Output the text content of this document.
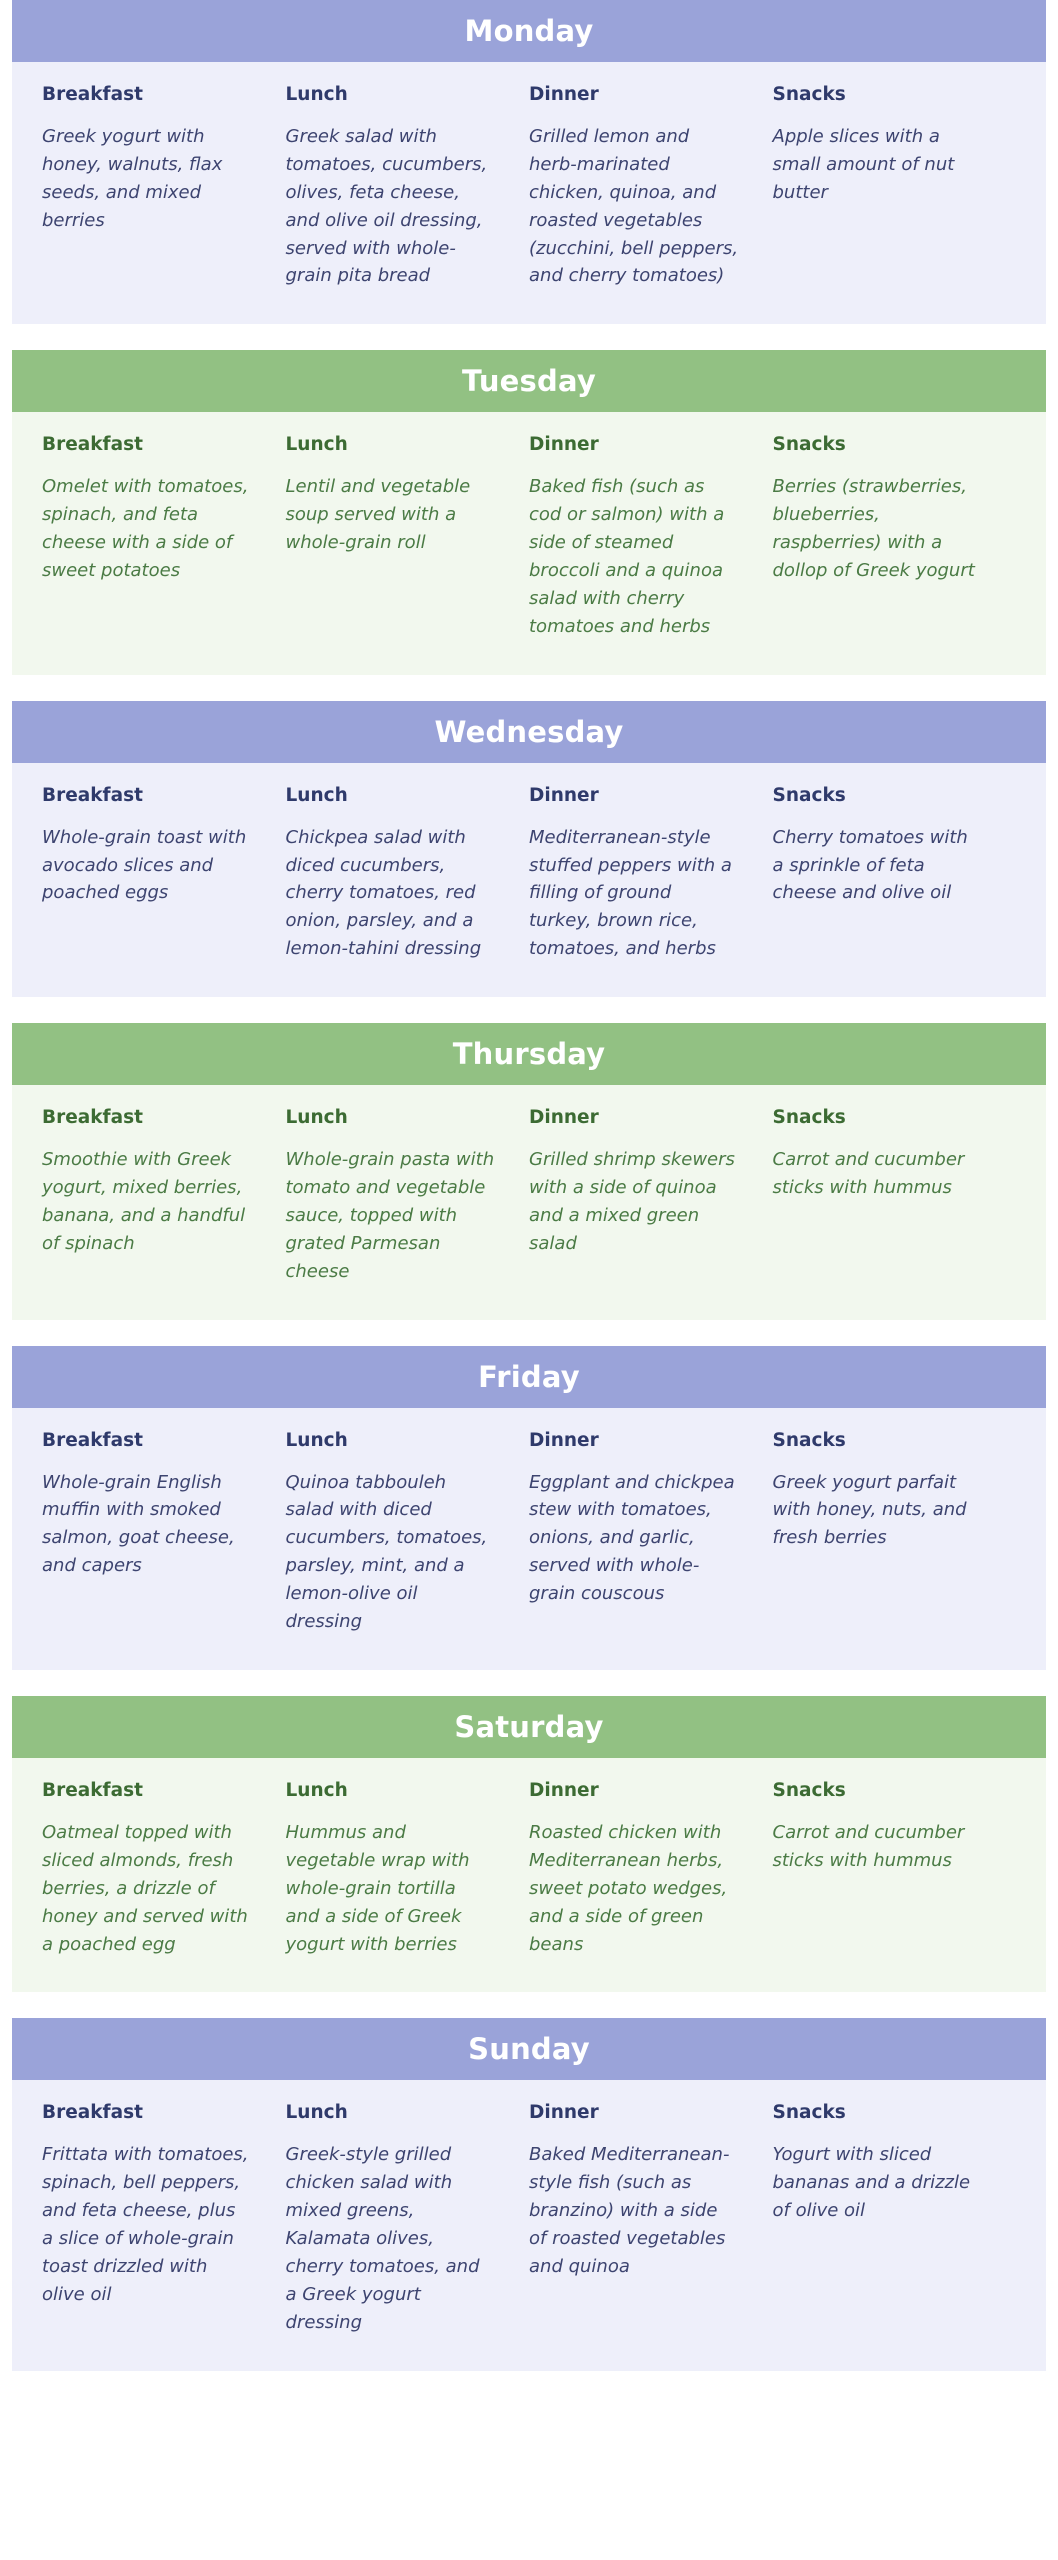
Monday
Breakfast
Greek yogurt with honey, walnuts, flax seeds, and mixed berries
Lunch
Greek salad with tomatoes, cucumbers, olives, feta cheese, and olive oil dressing, served with whole-grain pita bread
Dinner
Grilled lemon and herb-marinated chicken, quinoa, and roasted vegetables (zucchini, bell peppers, and cherry tomatoes)
Snacks
Apple slices with a small amount of nut butter
Tuesday
Breakfast
Omelet with tomatoes, spinach, and feta cheese with a side of sweet potatoes
Lunch
Lentil and vegetable soup served with a whole-grain roll
Dinner
Baked fish (such as cod or salmon) with a side of steamed broccoli and a quinoa salad with cherry tomatoes and herbs
Snacks
Berries (strawberries, blueberries, raspberries) with a dollop of Greek yogurt
Wednesday
Breakfast
Whole-grain toast with avocado slices and poached eggs
Lunch
Chickpea salad with diced cucumbers, cherry tomatoes, red onion, parsley, and a lemon-tahini dressing
Dinner
Mediterranean-style stuffed peppers with a filling of ground turkey, brown rice, tomatoes, and herbs
Snacks
Cherry tomatoes with a sprinkle of feta cheese and olive oil
Thursday
Breakfast
Smoothie with Greek yogurt, mixed berries, banana, and a handful of spinach
Lunch
Whole-grain pasta with tomato and vegetable sauce, topped with grated Parmesan cheese
Dinner
Grilled shrimp skewers with a side of quinoa and a mixed green salad
Snacks
Carrot and cucumber sticks with hummus
Friday
Breakfast
Whole-grain English muffin with smoked salmon, goat cheese, and capers
Lunch
Quinoa tabbouleh salad with diced cucumbers, tomatoes, parsley, mint, and a lemon-olive oil dressing
Dinner
Eggplant and chickpea stew with tomatoes, onions, and garlic, served with whole-grain couscous
Snacks
Greek yogurt parfait with honey, nuts, and fresh berries
Saturday
Breakfast
Oatmeal topped with sliced almonds, fresh berries, a drizzle of honey and served with a poached egg
Lunch
Hummus and vegetable wrap with whole-grain tortilla and a side of Greek yogurt with berries
Dinner
Roasted chicken with Mediterranean herbs, sweet potato wedges, and a side of green beans
Snacks
Carrot and cucumber sticks with hummus
Sunday
Breakfast
Frittata with tomatoes, spinach, bell peppers, and feta cheese, plus a slice of whole-grain toast drizzled with olive oil
Lunch
Greek-style grilled chicken salad with mixed greens, Kalamata olives, cherry tomatoes, and a Greek yogurt dressing
Dinner
Baked Mediterranean-style fish (such as branzino) with a side of roasted vegetables and quinoa
Snacks
Yogurt with sliced bananas and a drizzle of olive oil
